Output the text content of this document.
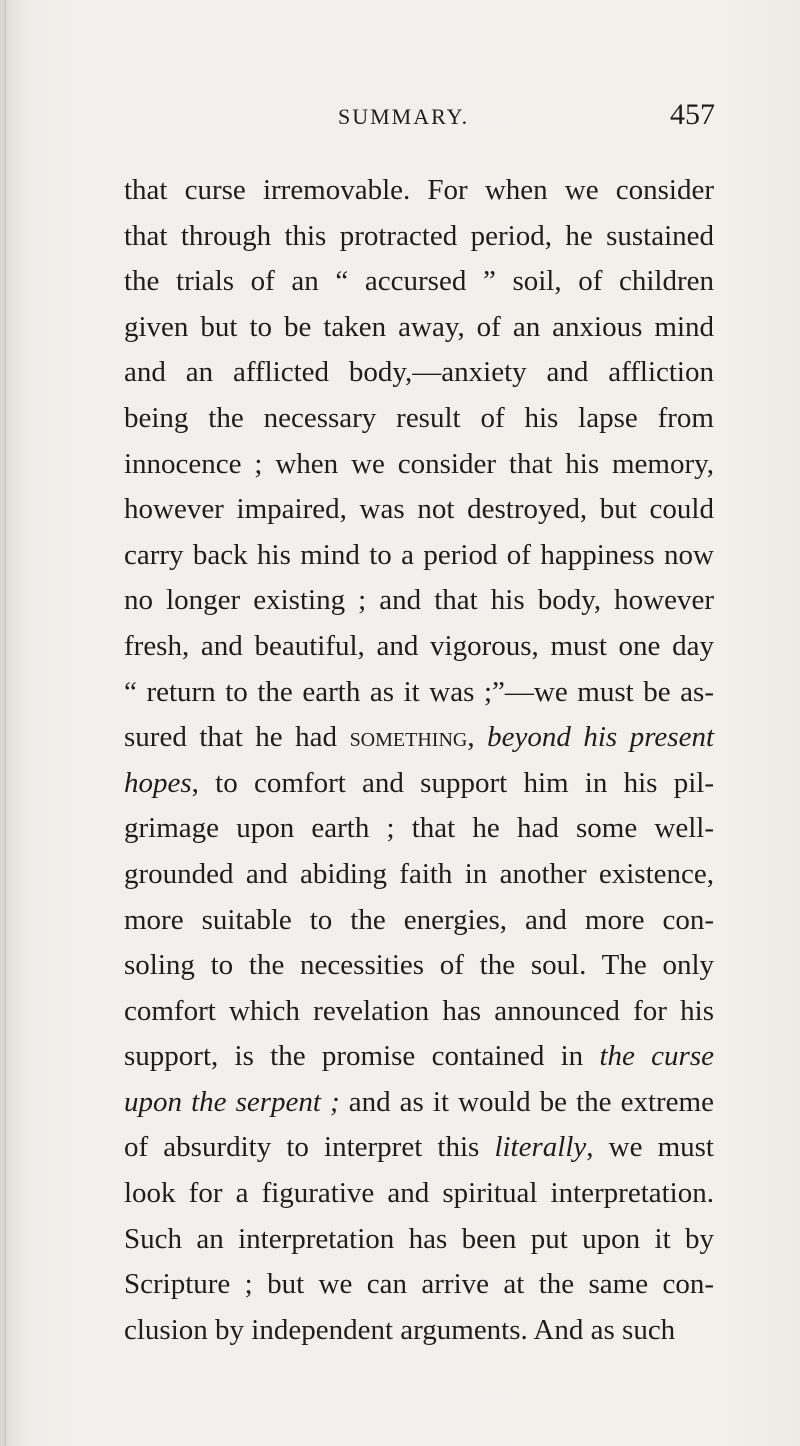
SUMMARY.	457
that curse irremovable. For when we consider
that through this protracted period, he sustained
the trials of an “ accursed ” soil, of children
given but to be taken away, of an anxious mind
and an afflicted body,—anxiety and affliction
being the necessary result of his lapse from
innocence ; when we consider that his memory,
however impaired, was not destroyed, but could
carry back his mind to a period of happiness now
no longer existing ; and that his body, however
fresh, and beautiful, and vigorous, must one day
“ return to the earth as it was ;”—we must be as-
sured that he had something, beyond his present
hopes, to comfort and support him in his pil-
grimage upon earth ; that he had some well-
grounded and abiding faith in another existence,
more suitable to the energies, and more con-
soling to the necessities of the soul. The only
comfort which revelation has announced for his
support, is the promise contained in the curse
upon the serpent ; and as it would be the extreme
of absurdity to interpret this literally, we must
look for a figurative and spiritual interpretation.
Such an interpretation has been put upon it by
Scripture ; but we can arrive at the same con-
clusion by independent arguments. And as such
